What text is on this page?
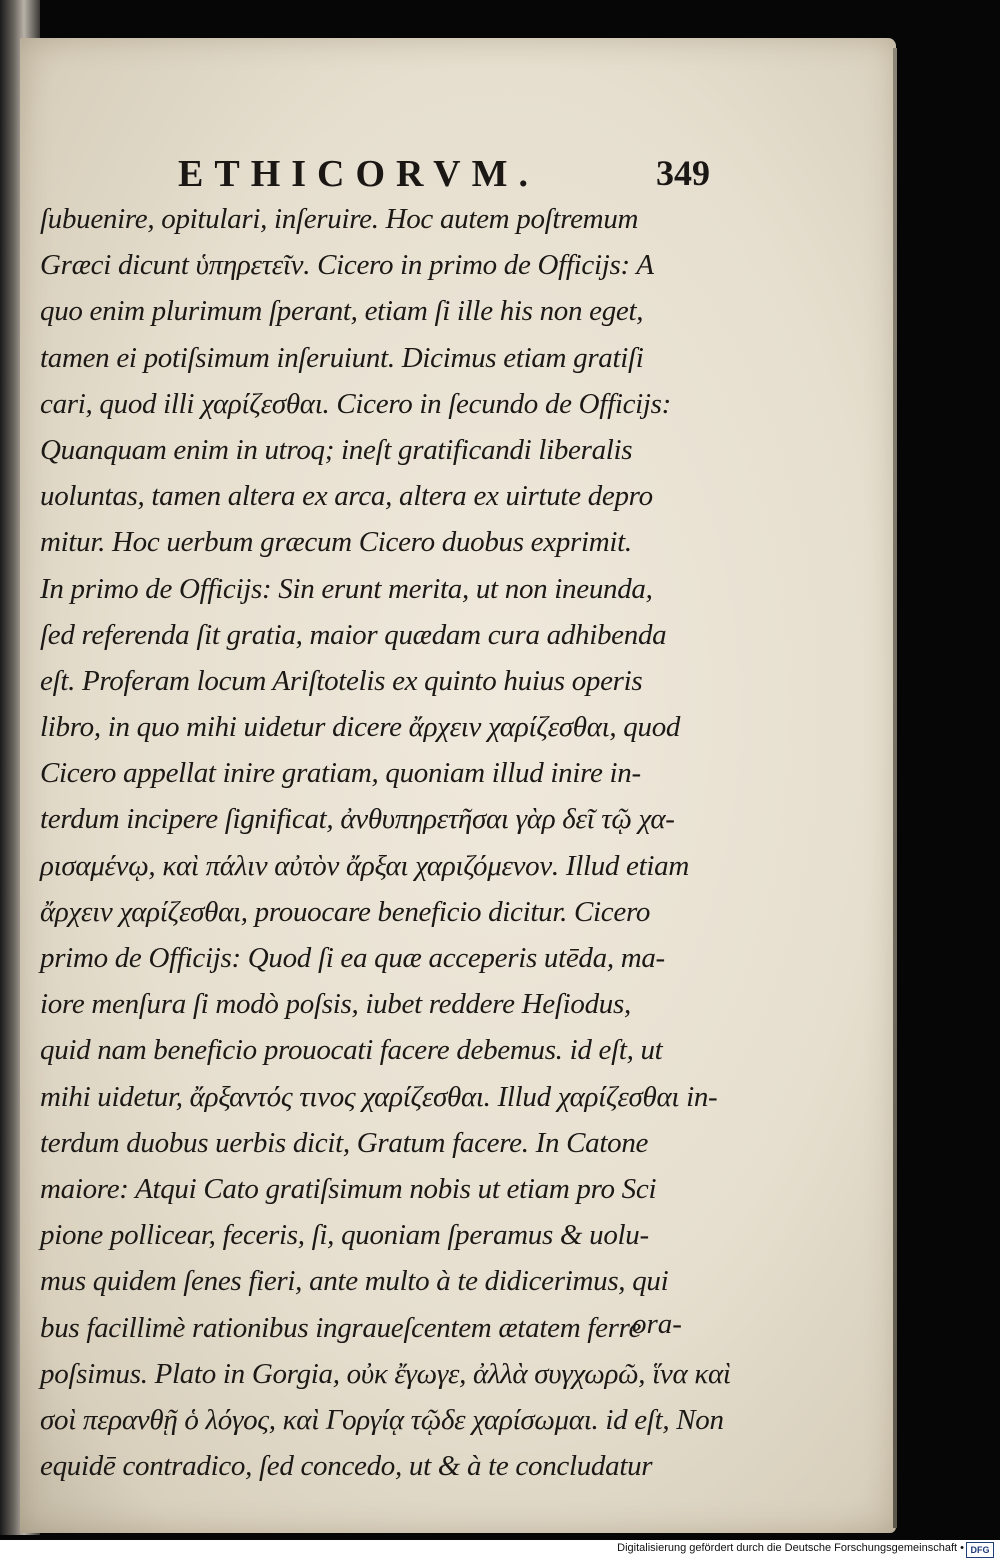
ETHICORVM.	349
ſubuenire, opitulari, inſeruire. Hoc autem poſtremum
Græci dicunt ὑπηρετεῖν. Cicero in primo de Officijs: A
quo enim plurimum ſperant, etiam ſi ille his non eget,
tamen ei potiſsimum inſeruiunt. Dicimus etiam gratiſi
cari, quod illi χαρίζεσθαι. Cicero in ſecundo de Officijs:
Quanquam enim in utroq; ineſt gratificandi liberalis
uoluntas, tamen altera ex arca, altera ex uirtute depro
mitur. Hoc uerbum græcum Cicero duobus exprimit.
In primo de Officijs: Sin erunt merita, ut non ineunda,
ſed referenda ſit gratia, maior quædam cura adhibenda
eſt. Proferam locum Ariſtotelis ex quinto huius operis
libro, in quo mihi uidetur dicere ἄρχειν χαρίζεσθαι, quod
Cicero appellat inire gratiam, quoniam illud inire in-
terdum incipere ſignificat, ἀνθυπηρετῆσαι γὰρ δεῖ τῷ χα-
ρισαμένῳ, καὶ πάλιν αὐτὸν ἄρξαι χαριζόμενον. Illud etiam
ἄρχειν χαρίζεσθαι, prouocare beneficio dicitur. Cicero
primo de Officijs: Quod ſi ea quæ acceperis utēda, ma-
iore menſura ſi modò poſsis, iubet reddere Heſiodus,
quid nam beneficio prouocati facere debemus. id eſt, ut
mihi uidetur, ἄρξαντός τινος χαρίζεσθαι. Illud χαρίζεσθαι in-
terdum duobus uerbis dicit, Gratum facere. In Catone
maiore: Atqui Cato gratiſsimum nobis ut etiam pro Sci
pione pollicear, feceris, ſi, quoniam ſperamus & uolu-
mus quidem ſenes fieri, ante multo à te didicerimus, qui
bus facillimè rationibus ingraueſcentem ætatem ferre
poſsimus. Plato in Gorgia, οὐκ ἔγωγε, ἀλλὰ συγχωρῶ, ἵνα καὶ
σοὶ περανθῇ ὁ λόγος, καὶ Γοργίᾳ τῷδε χαρίσωμαι. id eſt, Non
equidē contradico, ſed concedo, ut & à te concludatur
ora-
Digitalisierung gefördert durch die Deutsche Forschungsgemeinschaft • DFG
